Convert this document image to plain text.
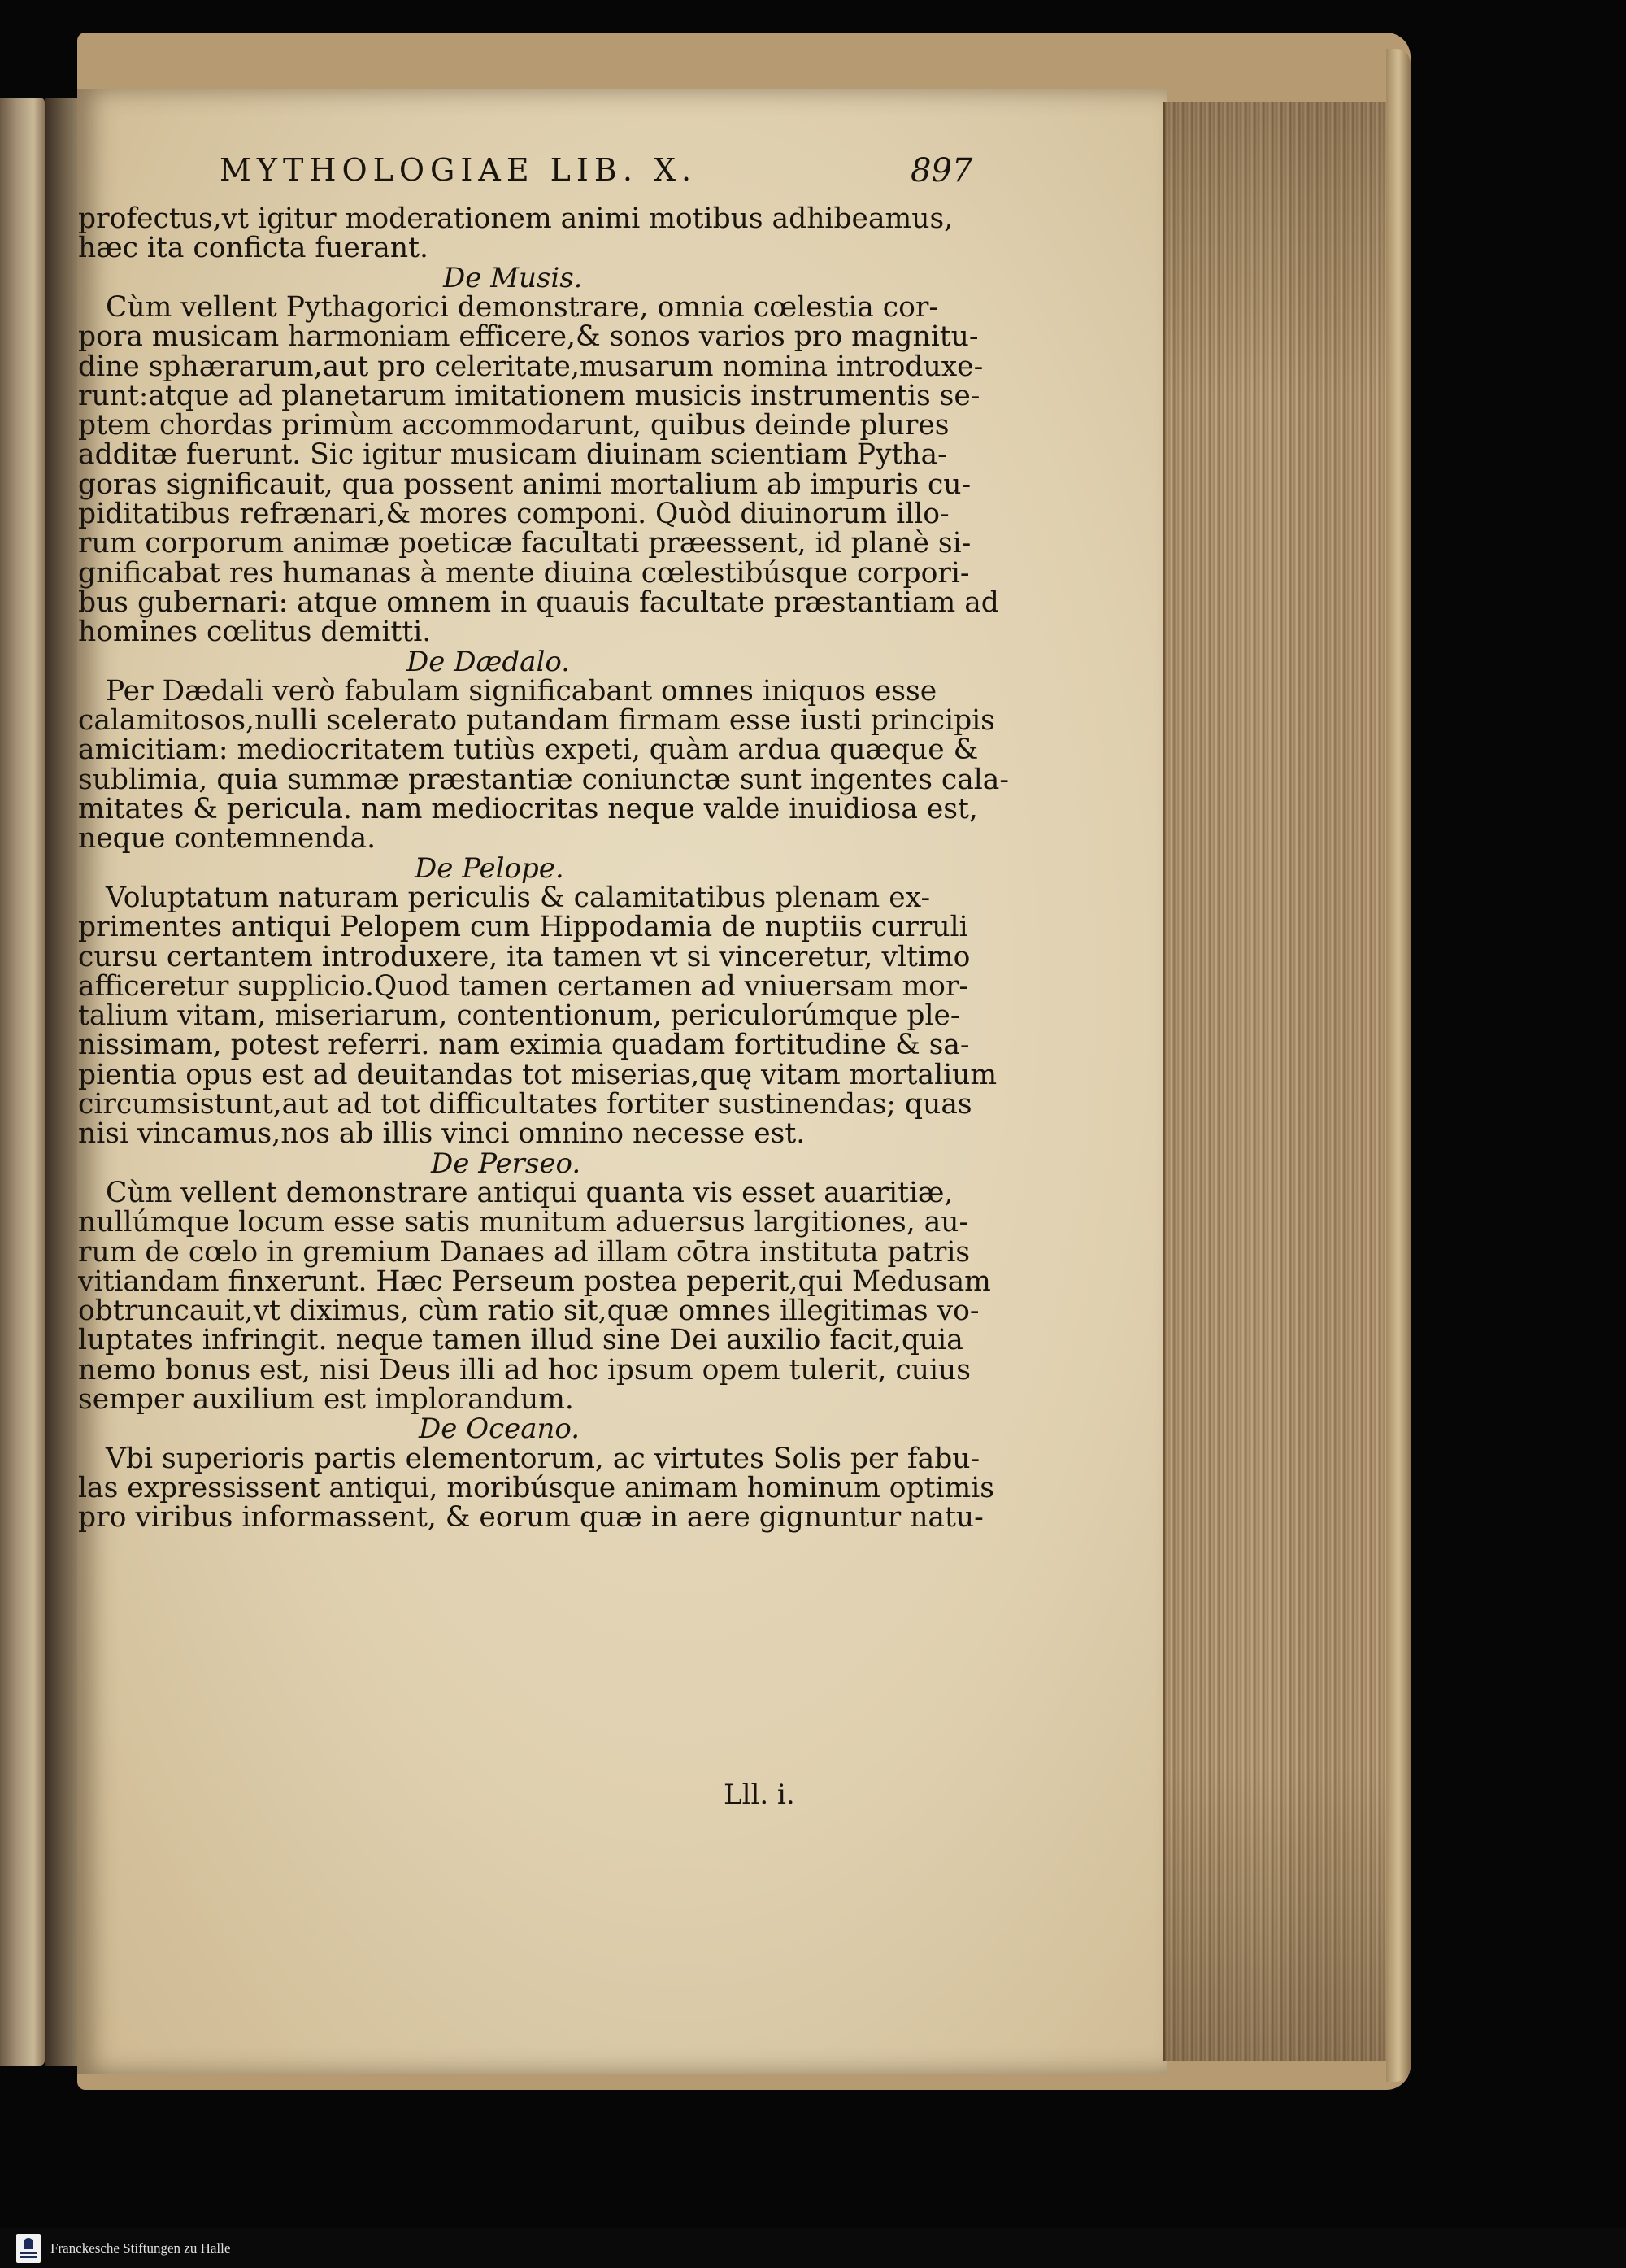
MYTHOLOGIAE LIB. X.	897
profectus,vt igitur moderationem animi motibus adhibeamus,
hæc ita conficta fuerant.
De Musis.
Cùm vellent Pythagorici demonstrare, omnia cœlestia cor-
pora musicam harmoniam efficere,& sonos varios pro magnitu-
dine sphærarum,aut pro celeritate,musarum nomina introduxe-
runt:atque ad planetarum imitationem musicis instrumentis se-
ptem chordas primùm accommodarunt, quibus deinde plures
additæ fuerunt. Sic igitur musicam diuinam scientiam Pytha-
goras significauit, qua possent animi mortalium ab impuris cu-
piditatibus refrænari,& mores componi. Quòd diuinorum illo-
rum corporum animæ poeticæ facultati præessent, id planè si-
gnificabat res humanas à mente diuina cœlestibúsque corpori-
bus gubernari: atque omnem in quauis facultate præstantiam ad
homines cœlitus demitti.
De Dædalo.
Per Dædali verò fabulam significabant omnes iniquos esse
calamitosos,nulli scelerato putandam firmam esse iusti principis
amicitiam: mediocritatem tutiùs expeti, quàm ardua quæque &
sublimia, quia summæ præstantiæ coniunctæ sunt ingentes cala-
mitates & pericula. nam mediocritas neque valde inuidiosa est,
neque contemnenda.
De Pelope.
Voluptatum naturam periculis & calamitatibus plenam ex-
primentes antiqui Pelopem cum Hippodamia de nuptiis curruli
cursu certantem introduxere, ita tamen vt si vinceretur, vltimo
afficeretur supplicio.Quod tamen certamen ad vniuersam mor-
talium vitam, miseriarum, contentionum, periculorúmque ple-
nissimam, potest referri. nam eximia quadam fortitudine & sa-
pientia opus est ad deuitandas tot miserias,quę vitam mortalium
circumsistunt,aut ad tot difficultates fortiter sustinendas; quas
nisi vincamus,nos ab illis vinci omnino necesse est.
De Perseo.
Cùm vellent demonstrare antiqui quanta vis esset auaritiæ,
nullúmque locum esse satis munitum aduersus largitiones, au-
rum de cœlo in gremium Danaes ad illam cōtra instituta patris
vitiandam finxerunt. Hæc Perseum postea peperit,qui Medusam
obtruncauit,vt diximus, cùm ratio sit,quæ omnes illegitimas vo-
luptates infringit. neque tamen illud sine Dei auxilio facit,quia
nemo bonus est, nisi Deus illi ad hoc ipsum opem tulerit, cuius
semper auxilium est implorandum.
De Oceano.
Vbi superioris partis elementorum, ac virtutes Solis per fabu-
las expressissent antiqui, moribúsque animam hominum optimis
pro viribus informassent, & eorum quæ in aere gignuntur natu-
Lll. i.
Franckesche Stiftungen zu Halle
